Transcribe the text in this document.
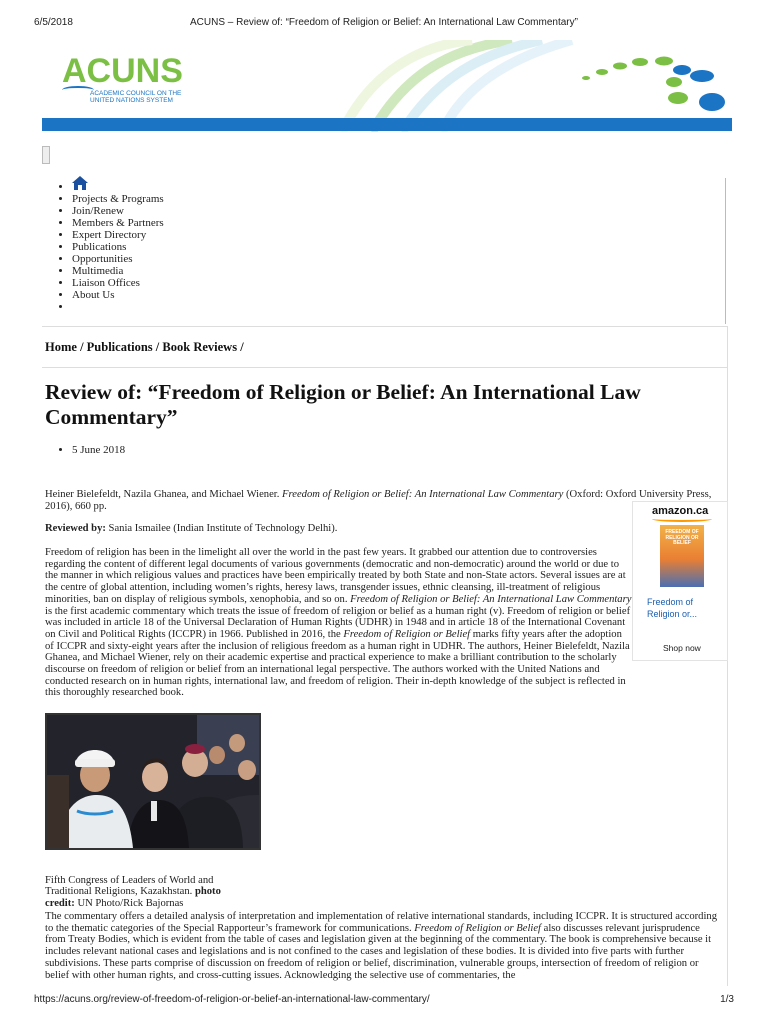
6/5/2018	ACUNS – Review of: “Freedom of Religion or Belief: An International Law Commentary”
ACUNS
ACADEMIC COUNCIL ON THE
UNITED NATIONS SYSTEM
•
• Projects & Programs
• Join/Renew
• Members & Partners
• Expert Directory
• Publications
• Opportunities
• Multimedia
• Liaison Offices
• About Us
•
Home / Publications / Book Reviews /
Review of: “Freedom of Religion or Belief: An International Law Commentary”
• 5 June 2018

Heiner Bielefeldt, Nazila Ghanea, and Michael Wiener. Freedom of Religion or Belief: An International Law Commentary (Oxford: Oxford University Press, 2016), 660 pp.

Reviewed by: Sania Ismailee (Indian Institute of Technology Delhi).

Freedom of religion has been in the limelight all over the world in the past few years. It grabbed our attention due to controversies regarding the content of different legal documents of various governments (democratic and non-democratic) around the world or due to the manner in which religious values and practices have been empirically treated by both State and non-State actors. Several issues are at the centre of global attention, including women’s rights, heresy laws, transgender issues, ethnic cleansing, ill-treatment of religious minorities, ban on display of religious symbols, xenophobia, and so on. Freedom of Religion or Belief: An International Law Commentary is the first academic commentary which treats the issue of freedom of religion or belief as a human right (v). Freedom of religion or belief was included in article 18 of the Universal Declaration of Human Rights (UDHR) in 1948 and in article 18 of the International Covenant on Civil and Political Rights (ICCPR) in 1966. Published in 2016, the Freedom of Religion or Belief marks fifty years after the adoption of ICCPR and sixty-eight years after the inclusion of religious freedom as a human right in UDHR. The authors, Heiner Bielefeldt, Nazila Ghanea, and Michael Wiener, rely on their academic expertise and practical experience to make a brilliant contribution to the scholarly discourse on freedom of religion or belief from an international legal perspective. The authors worked with the United Nations and conducted research on in human rights, international law, and freedom of religion. Their in-depth knowledge of the subject is reflected in this thoroughly researched book.

amazon.ca
FREEDOM OF RELIGION OR BELIEF
Freedom of Religion or...
Shop now

Fifth Congress of Leaders of World and Traditional Religions, Kazakhstan. photo credit: UN Photo/Rick Bajornas

The commentary offers a detailed analysis of interpretation and implementation of relative international standards, including ICCPR. It is structured according to the thematic categories of the Special Rapporteur’s framework for communications. Freedom of Religion or Belief also discusses relevant jurisprudence from Treaty Bodies, which is evident from the table of cases and legislation given at the beginning of the commentary. The book is comprehensive because it includes relevant national cases and legislations and is not confined to the cases and legislation of these bodies. It is divided into five parts with further subdivisions. These parts comprise of discussion on freedom of religion or belief, discrimination, vulnerable groups, intersection of freedom of religion or belief with other human rights, and cross-cutting issues. Acknowledging the selective use of commentaries, the

https://acuns.org/review-of-freedom-of-religion-or-belief-an-international-law-commentary/	1/3
